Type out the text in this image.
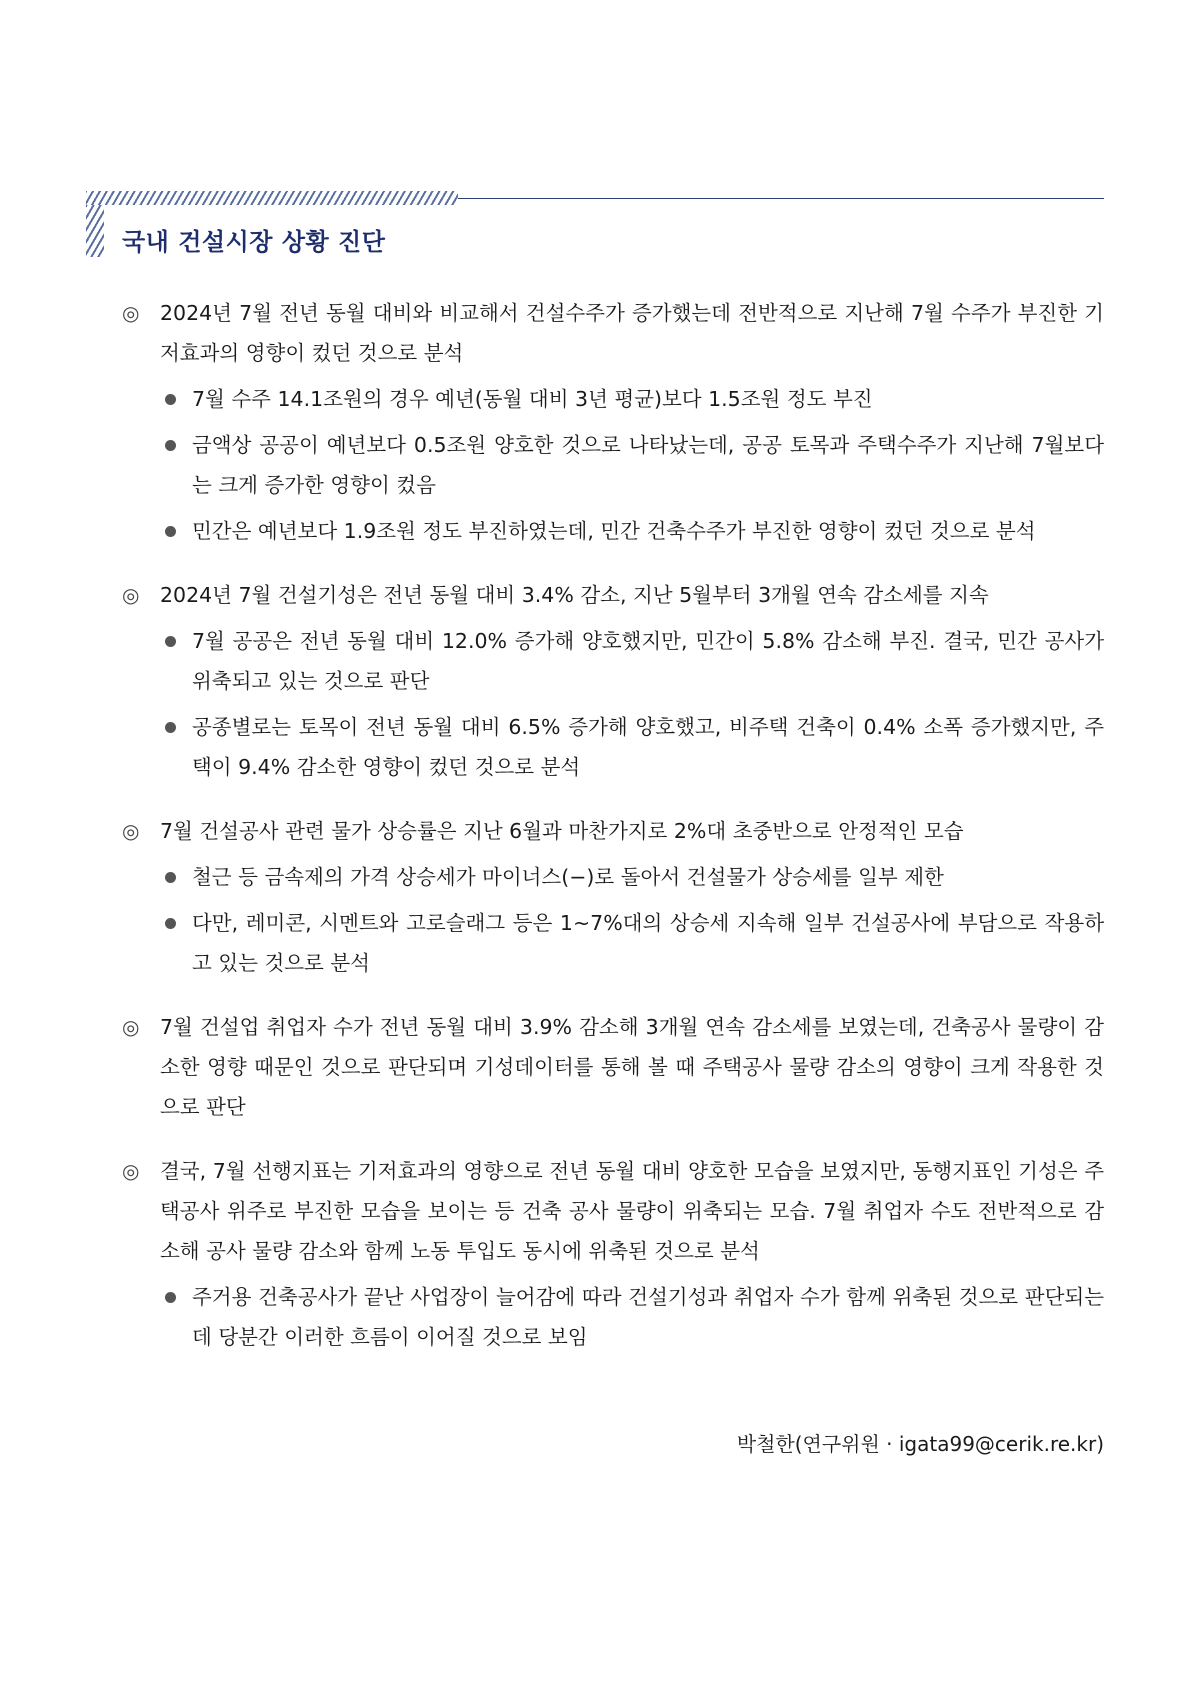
국내 건설시장 상황 진단
◎ 2024년 7월 전년 동월 대비와 비교해서 건설수주가 증가했는데 전반적으로 지난해 7월 수주가 부진한 기저효과의 영향이 컸던 것으로 분석
7월 수주 14.1조원의 경우 예년(동월 대비 3년 평균)보다 1.5조원 정도 부진
금액상 공공이 예년보다 0.5조원 양호한 것으로 나타났는데, 공공 토목과 주택수주가 지난해 7월보다는 크게 증가한 영향이 컸음
민간은 예년보다 1.9조원 정도 부진하였는데, 민간 건축수주가 부진한 영향이 컸던 것으로 분석
◎ 2024년 7월 건설기성은 전년 동월 대비 3.4% 감소, 지난 5월부터 3개월 연속 감소세를 지속
7월 공공은 전년 동월 대비 12.0% 증가해 양호했지만, 민간이 5.8% 감소해 부진. 결국, 민간 공사가 위축되고 있는 것으로 판단
공종별로는 토목이 전년 동월 대비 6.5% 증가해 양호했고, 비주택 건축이 0.4% 소폭 증가했지만, 주택이 9.4% 감소한 영향이 컸던 것으로 분석
◎ 7월 건설공사 관련 물가 상승률은 지난 6월과 마찬가지로 2%대 초중반으로 안정적인 모습
철근 등 금속제의 가격 상승세가 마이너스(−)로 돌아서 건설물가 상승세를 일부 제한
다만, 레미콘, 시멘트와 고로슬래그 등은 1~7%대의 상승세 지속해 일부 건설공사에 부담으로 작용하고 있는 것으로 분석
◎ 7월 건설업 취업자 수가 전년 동월 대비 3.9% 감소해 3개월 연속 감소세를 보였는데, 건축공사 물량이 감소한 영향 때문인 것으로 판단되며 기성데이터를 통해 볼 때 주택공사 물량 감소의 영향이 크게 작용한 것으로 판단
◎ 결국, 7월 선행지표는 기저효과의 영향으로 전년 동월 대비 양호한 모습을 보였지만, 동행지표인 기성은 주택공사 위주로 부진한 모습을 보이는 등 건축 공사 물량이 위축되는 모습. 7월 취업자 수도 전반적으로 감소해 공사 물량 감소와 함께 노동 투입도 동시에 위축된 것으로 분석
주거용 건축공사가 끝난 사업장이 늘어감에 따라 건설기성과 취업자 수가 함께 위축된 것으로 판단되는데 당분간 이러한 흐름이 이어질 것으로 보임
박철한(연구위원 · igata99@cerik.re.kr)
